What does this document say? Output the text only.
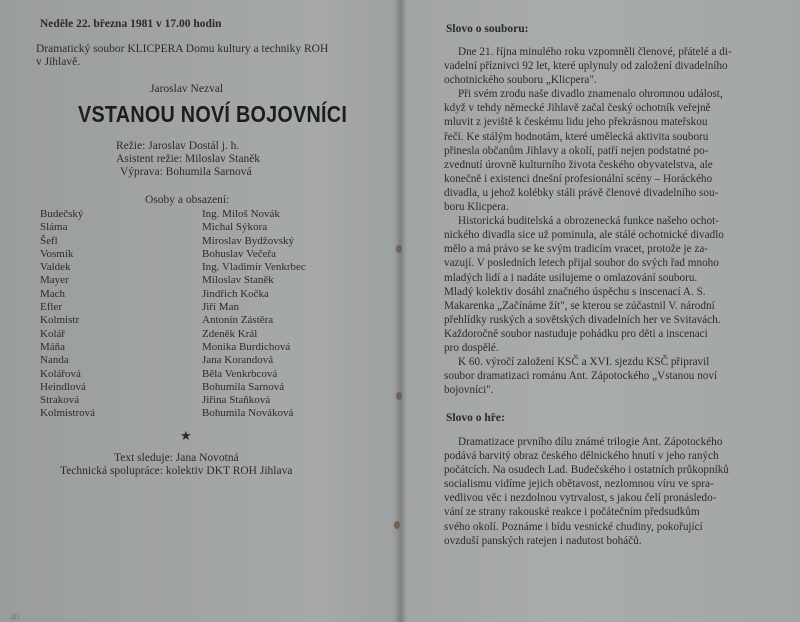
Neděle 22. března 1981 v 17.00 hodin

Dramatický soubor KLICPERA Domu kultury a techniky ROH

v Jihlavě.

Jaroslav Nezval

VSTANOU NOVÍ BOJOVNÍCI

Režie: Jaroslav Dostál j. h.

Asistent režie: Miloslav Staněk

Výprava: Bohumila Sarnová

Osoby a obsazení:

Budečský	Ing. Miloš Novák
Sláma	Michal Sýkora
Šefl	Miroslav Bydžovský
Vosmík	Bohuslav Večeřa
Valdek	Ing. Vladimír Venkrbec
Mayer	Miloslav Staněk
Mach	Jindřich Kočka
Efler	Jiří Man
Kolmistr	Antonín Zástěra
Kolář	Zdeněk Král
Máňa	Monika Burdichová
Nanda	Jana Korandová
Kolářová	Běla Venkrbcová
Heindlová	Bohumila Sarnová
Straková	Jiřina Staňková
Kolmistrová	Bohumila Nováková
★

Text sleduje: Jana Novotná

Technická spolupráce: kolektiv DKT ROH Jihlava

40

Slovo o souboru:

Dne 21. října minulého roku vzpomněli členové, přátelé a di-
vadelní příznivci 92 let, které uplynuly od založení divadelního
ochotnického souboru „Klicpera".
Při svém zrodu naše divadlo znamenalo ohromnou událost,
když v tehdy německé Jihlavě začal český ochotník veřejně
mluvit z jeviště k českému lidu jeho překrásnou mateřskou
řečí. Ke stálým hodnotám, které umělecká aktivita souboru
přinesla občanům Jihlavy a okolí, patří nejen podstatné po-
zvednutí úrovně kulturního života českého obyvatelstva, ale
konečně i existenci dnešní profesionální scény – Horáckého
divadla, u jehož kolébky stáli právě členové divadelního sou-
boru Klicpera.
Historická buditelská a obrozenecká funkce našeho ochot-
nického divadla sice už pominula, ale stálé ochotnické divadlo
mělo a má právo se ke svým tradicím vracet, protože je za-
vazují. V posledních letech přijal soubor do svých řad mnoho
mladých lidí a i nadáte usilujeme o omlazování souboru.
Mladý kolektiv dosáhl značného úspěchu s inscenací A. S.
Makarenka „Začínáme žít", se kterou se zúčastnil V. národní
přehlídky ruských a sovětských divadelních her ve Svitavách.
Každoročně soubor nastuduje pohádku pro děti a inscenaci
pro dospělé.
K 60. výročí založení KSČ a XVI. sjezdu KSČ připravil
soubor dramatizaci románu Ant. Zápotockého „Vstanou noví
bojovníci".

Slovo o hře:

Dramatizace prvního dílu známé trilogie Ant. Zápotockého
podává barvitý obraz českého dělnického hnutí v jeho raných
počátcích. Na osudech Lad. Budečského i ostatních průkopníků
socialismu vidíme jejich obětavost, nezlomnou víru ve spra-
vedlivou věc i nezdolnou vytrvalost, s jakou čelí pronásledo-
vání ze strany rakouské reakce i počátečním předsudkům
svého okolí. Poznáme i bídu vesnické chudiny, pokořující
ovzduší panských ratejen i nadutost boháčů.
